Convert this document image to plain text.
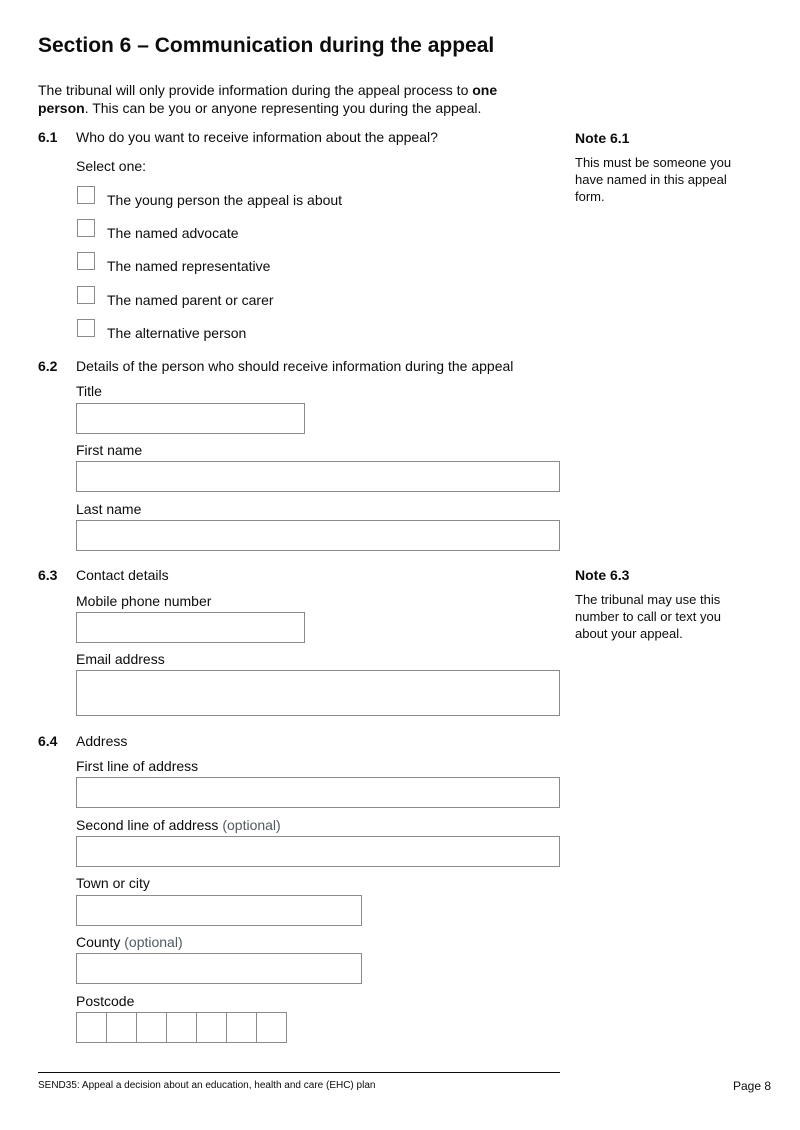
Section 6 – Communication during the appeal
The tribunal will only provide information during the appeal process to one person. This can be you or anyone representing you during the appeal.
6.1 Who do you want to receive information about the appeal?
Select one:
The young person the appeal is about
The named advocate
The named representative
The named parent or carer
The alternative person
Note 6.1
This must be someone you have named in this appeal form.
6.2 Details of the person who should receive information during the appeal
Title
First name
Last name
6.3 Contact details
Mobile phone number
Email address
Note 6.3
The tribunal may use this number to call or text you about your appeal.
6.4 Address
First line of address
Second line of address (optional)
Town or city
County (optional)
Postcode
SEND35: Appeal a decision about an education, health and care (EHC) plan	Page 8
